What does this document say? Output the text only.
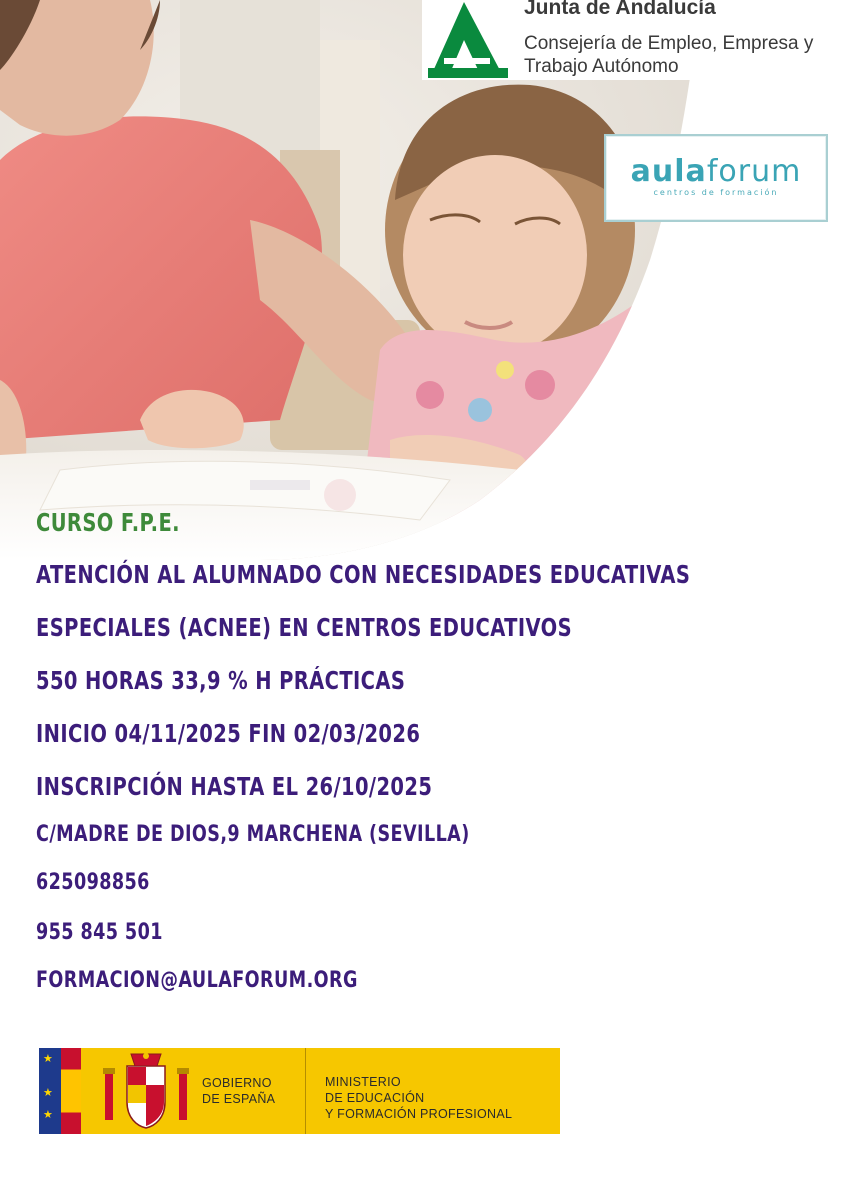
Junta de Andalucía
Consejería de Empleo, Empresa y
Trabajo Autónomo
aulaforum
centros de formación
CURSO F.P.E.
ATENCIÓN AL ALUMNADO CON NECESIDADES EDUCATIVAS
ESPECIALES (ACNEE) EN CENTROS EDUCATIVOS
550 HORAS 33,9 % H PRÁCTICAS
INICIO 04/11/2025 FIN 02/03/2026
INSCRIPCIÓN HASTA EL 26/10/2025
C/MADRE DE DIOS,9 MARCHENA (SEVILLA)
625098856
955 845 501
FORMACION@AULAFORUM.ORG
★
★
★
GOBIERNO
DE ESPAÑA
MINISTERIO
DE EDUCACIÓN
Y FORMACIÓN PROFESIONAL
